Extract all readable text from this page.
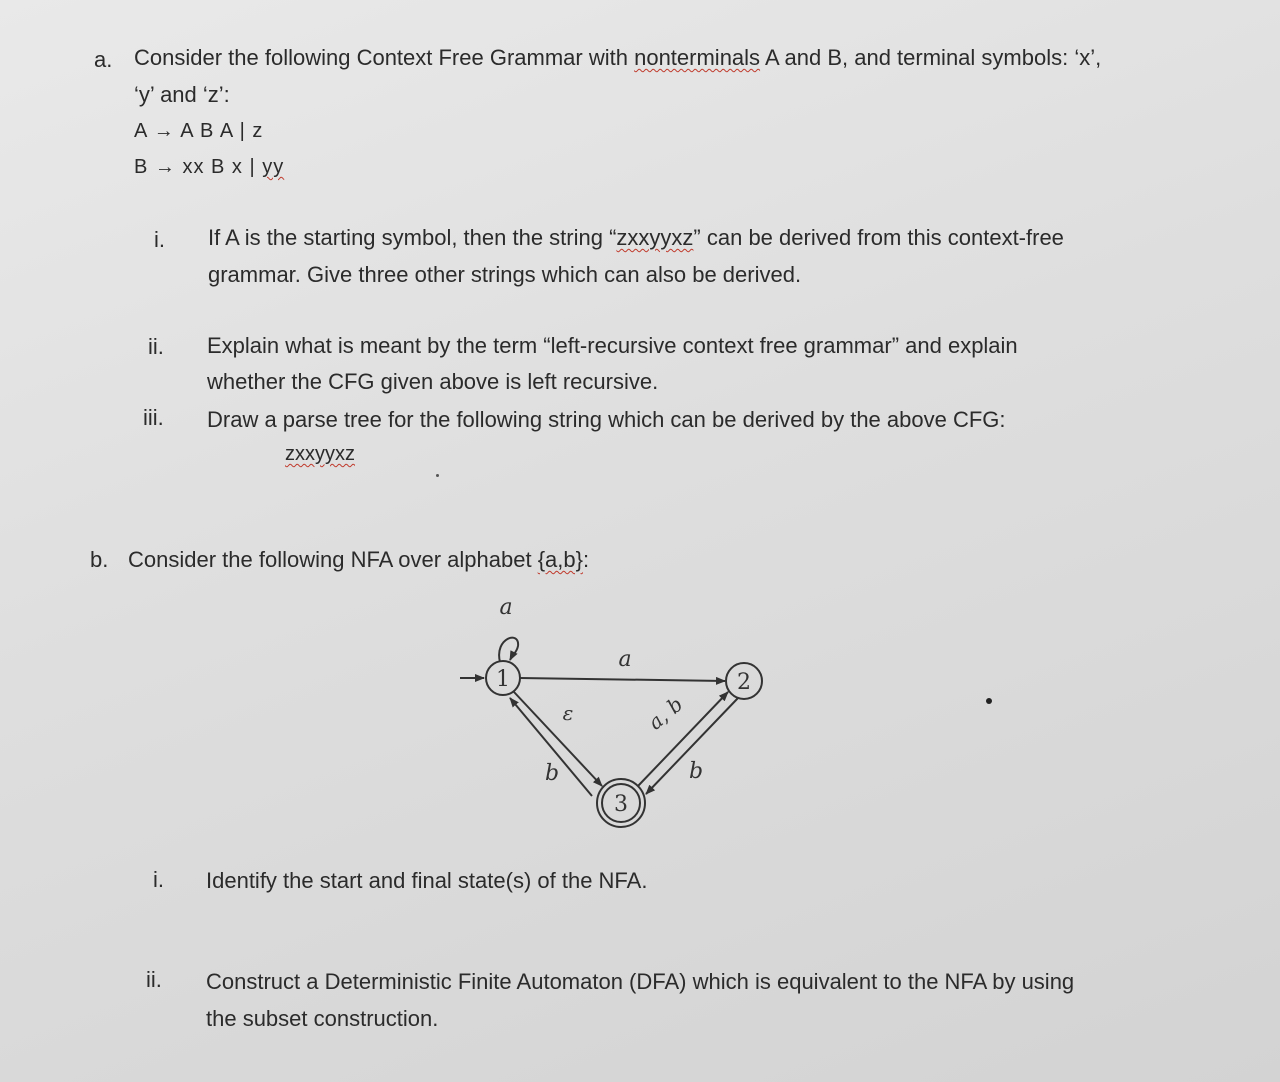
a. Consider the following Context Free Grammar with nonterminals A and B, and terminal symbols: ‘x’,
‘y’ and ‘z’:
A → A B A | z
B → xx B x | yy
i. If A is the starting symbol, then the string “zxxyyxz” can be derived from this context-free
grammar. Give three other strings which can also be derived.
ii. Explain what is meant by the term “left-recursive context free grammar” and explain
whether the CFG given above is left recursive.
iii. Draw a parse tree for the following string which can be derived by the above CFG:
zxxyyxz
b. Consider the following NFA over alphabet {a,b}:
a
1
a
2
ε
b
a, b
b
3
i. Identify the start and final state(s) of the NFA.
ii. Construct a Deterministic Finite Automaton (DFA) which is equivalent to the NFA by using
the subset construction.
